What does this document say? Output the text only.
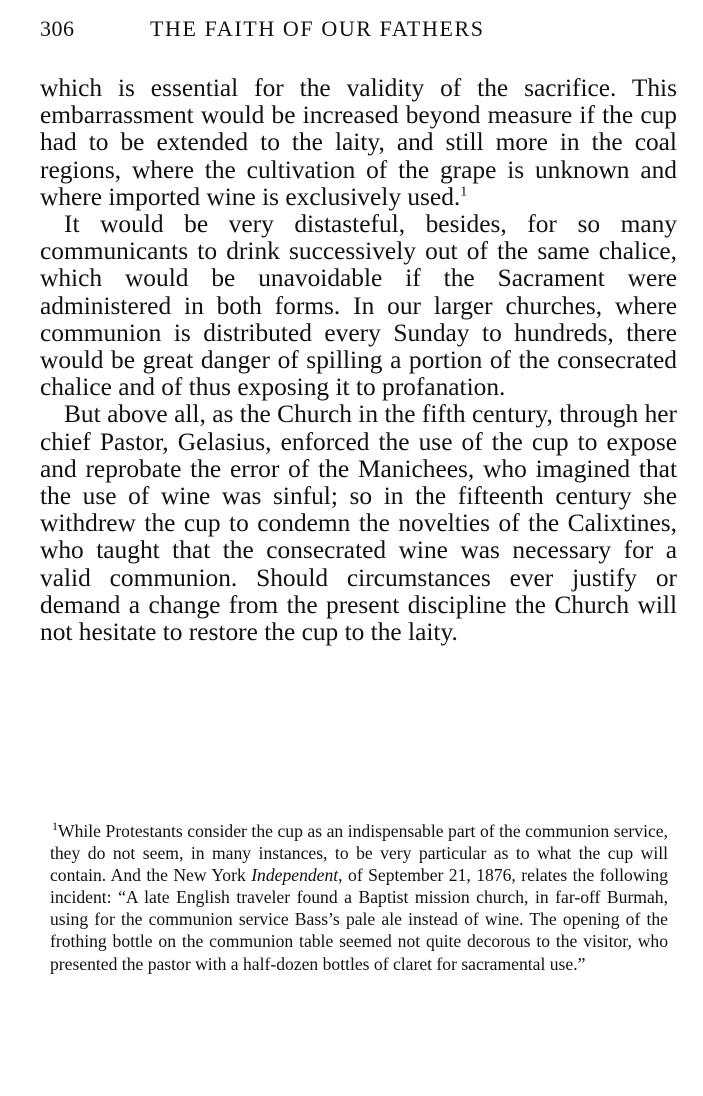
306	THE FAITH OF OUR FATHERS

which is essential for the validity of the sacrifice. This embarrassment would be increased beyond measure if the cup had to be extended to the laity, and still more in the coal regions, where the cultivation of the grape is unknown and where imported wine is exclusively used.$^1$

It would be very distasteful, besides, for so many communicants to drink successively out of the same chalice, which would be unavoidable if the Sacrament were administered in both forms. In our larger churches, where communion is distributed every Sunday to hundreds, there would be great danger of spilling a portion of the consecrated chalice and of thus exposing it to profanation.

But above all, as the Church in the fifth century, through her chief Pastor, Gelasius, enforced the use of the cup to expose and reprobate the error of the Manichees, who imagined that the use of wine was sinful; so in the fifteenth century she withdrew the cup to condemn the novelties of the Calixtines, who taught that the consecrated wine was necessary for a valid communion. Should circumstances ever justify or demand a change from the present discipline the Church will not hesitate to restore the cup to the laity.

$^1$While Protestants consider the cup as an indispensable part of the communion service, they do not seem, in many instances, to be very particular as to what the cup will contain. And the New York Independent, of September 21, 1876, relates the following incident: “A late English traveler found a Baptist mission church, in far-off Burmah, using for the communion service Bass’s pale ale instead of wine. The opening of the frothing bottle on the communion table seemed not quite decorous to the visitor, who presented the pastor with a half-dozen bottles of claret for sacramental use.”
